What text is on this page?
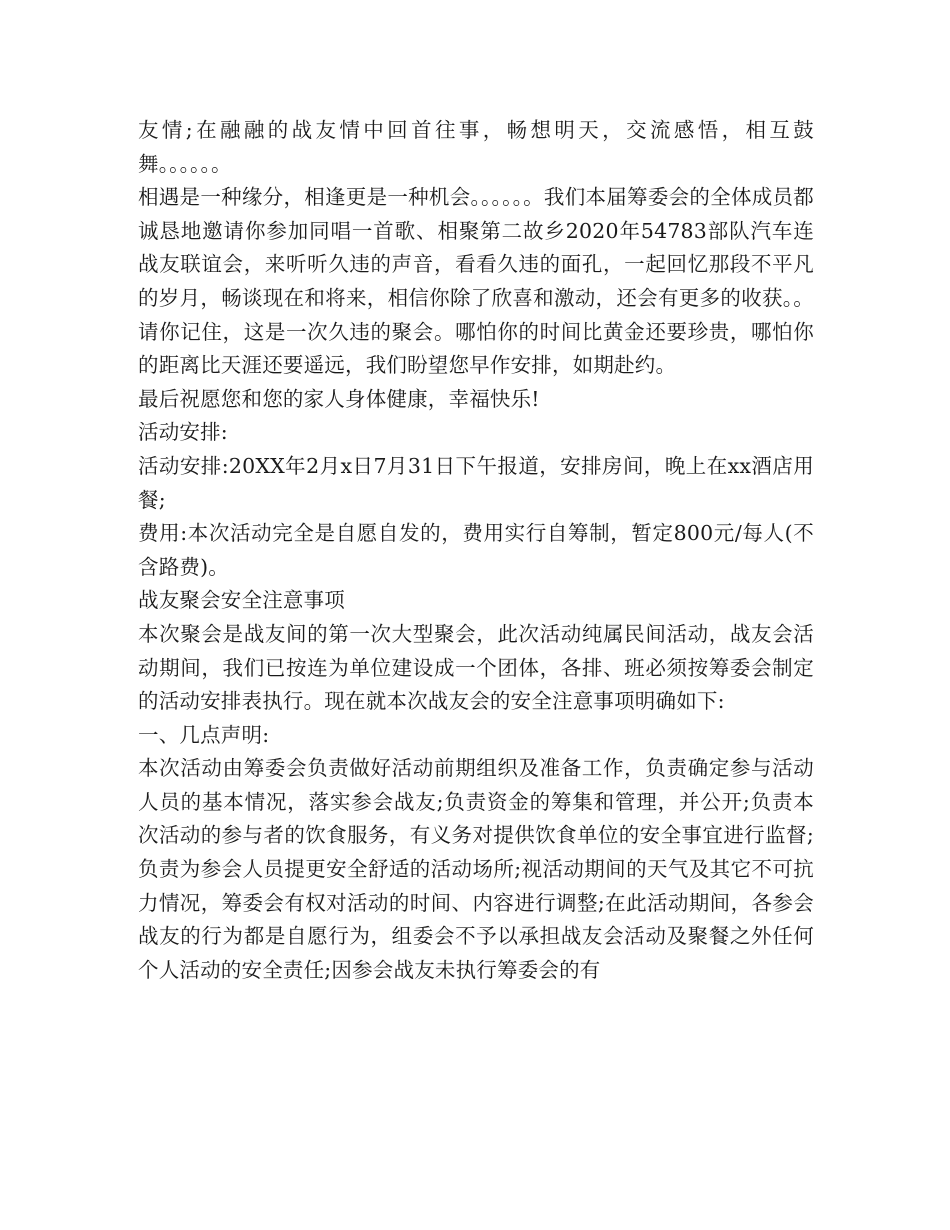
友情;在融融的战友情中回首往事，畅想明天，交流感悟，相互鼓舞。。。。。。

相遇是一种缘分，相逢更是一种机会。。。。。。我们本届筹委会的全体成员都诚恳地邀请你参加同唱一首歌、相聚第二故乡2020年54783部队汽车连战友联谊会，来听听久违的声音，看看久违的面孔，一起回忆那段不平凡的岁月，畅谈现在和将来，相信你除了欣喜和激动，还会有更多的收获。。请你记住，这是一次久违的聚会。哪怕你的时间比黄金还要珍贵，哪怕你的距离比天涯还要遥远，我们盼望您早作安排，如期赴约。

最后祝愿您和您的家人身体健康，幸福快乐!

活动安排:

活动安排:20XX年2月x日7月31日下午报道，安排房间，晚上在xx酒店用餐;

费用:本次活动完全是自愿自发的，费用实行自筹制，暂定800元/每人(不含路费)。

战友聚会安全注意事项

本次聚会是战友间的第一次大型聚会，此次活动纯属民间活动，战友会活动期间，我们已按连为单位建设成一个团体，各排、班必须按筹委会制定的活动安排表执行。现在就本次战友会的安全注意事项明确如下:

一、几点声明:

本次活动由筹委会负责做好活动前期组织及准备工作，负责确定参与活动人员的基本情况，落实参会战友;负责资金的筹集和管理，并公开;负责本次活动的参与者的饮食服务，有义务对提供饮食单位的安全事宜进行监督;负责为参会人员提更安全舒适的活动场所;视活动期间的天气及其它不可抗力情况，筹委会有权对活动的时间、内容进行调整;在此活动期间，各参会战友的行为都是自愿行为，组委会不予以承担战友会活动及聚餐之外任何个人活动的安全责任;因参会战友未执行筹委会的有
